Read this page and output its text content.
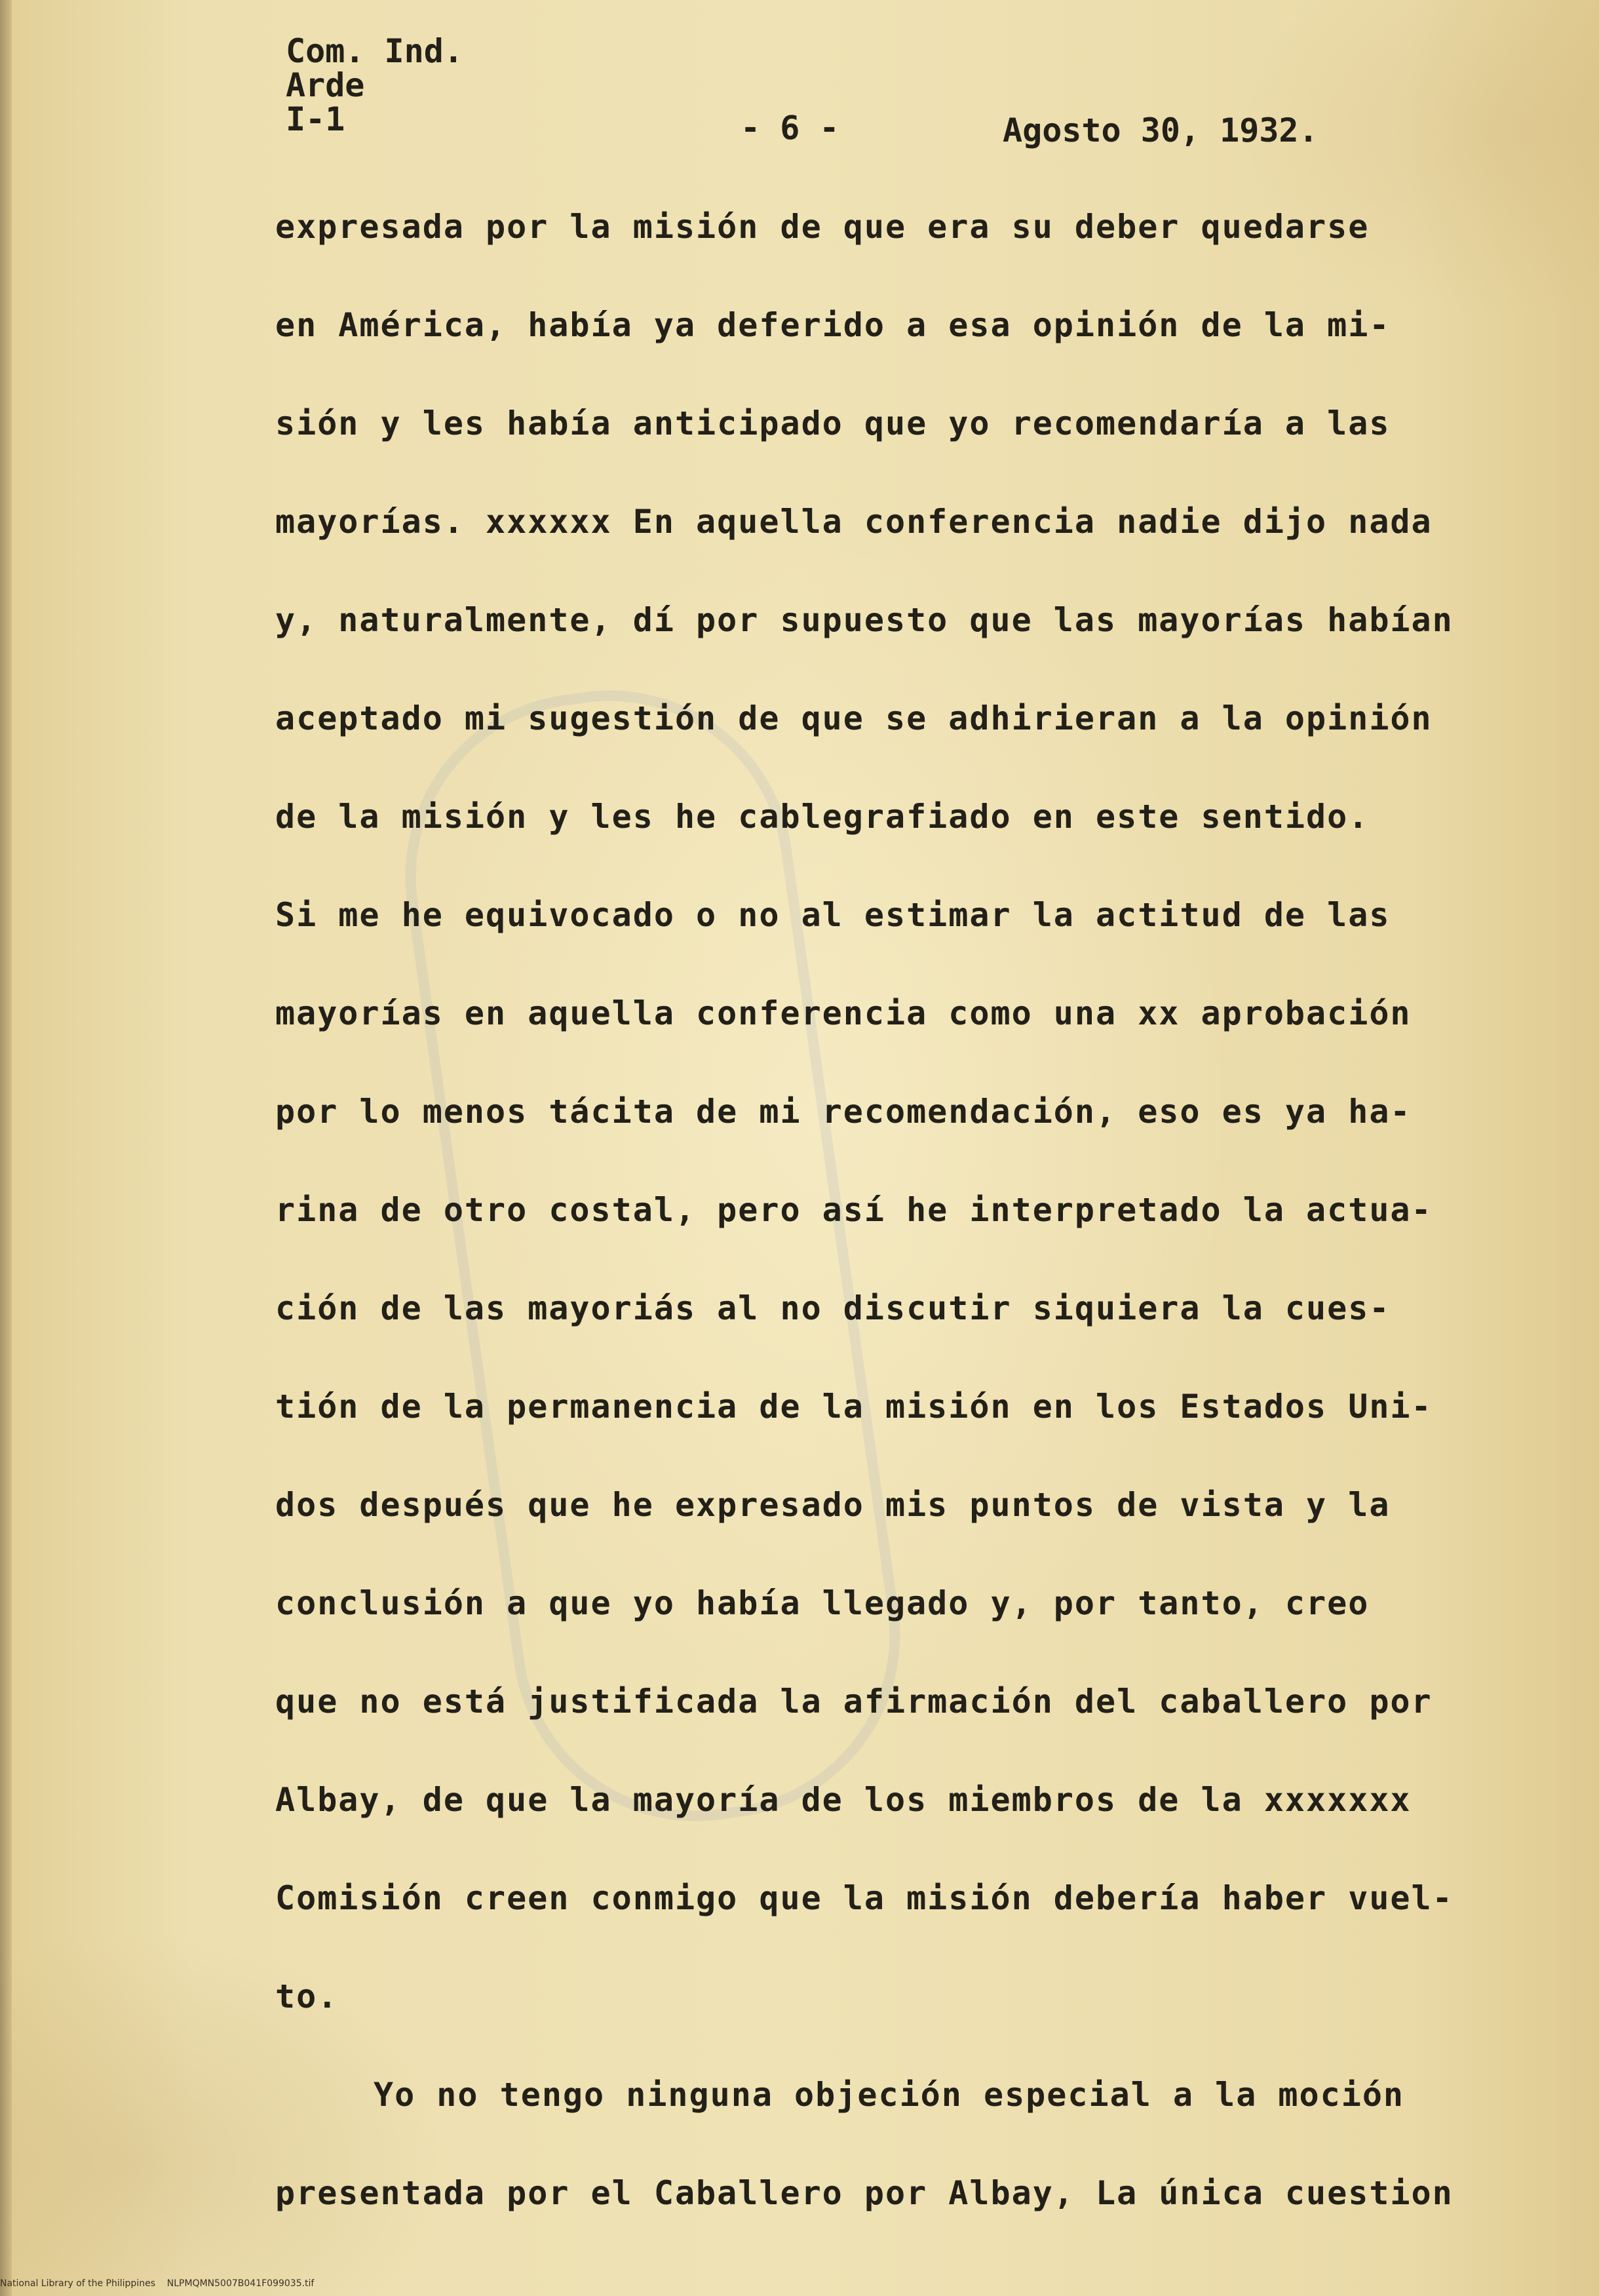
Com. Ind.
Arde
I-1	- 6 -	Agosto 30, 1932.
expresada por la misión de que era su deber quedarse
en América, había ya deferido a esa opinión de la mi-
sión y les había anticipado que yo recomendaría a las
mayorías. xxxxxx En aquella conferencia nadie dijo nada
y, naturalmente, dí por supuesto que las mayorías habían
aceptado mi sugestión de que se adhirieran a la opinión
de la misión y les he cablegrafiado en este sentido.
Si me he equivocado o no al estimar la actitud de las
mayorías en aquella conferencia como una xx aprobación
por lo menos tácita de mi recomendación, eso es ya ha-
rina de otro costal, pero así he interpretado la actua-
ción de las mayoriás al no discutir siquiera la cues-
tión de la permanencia de la misión en los Estados Uni-
dos después que he expresado mis puntos de vista y la
conclusión a que yo había llegado y, por tanto, creo
que no está justificada la afirmación del caballero por
Albay, de que la mayoría de los miembros de la xxxxxxx
Comisión creen conmigo que la misión debería haber vuel-
to.
Yo no tengo ninguna objeción especial a la moción
presentada por el Caballero por Albay, La única cuestion
National Library of the Philippines    NLPMQMN5007B041F099035.tif
